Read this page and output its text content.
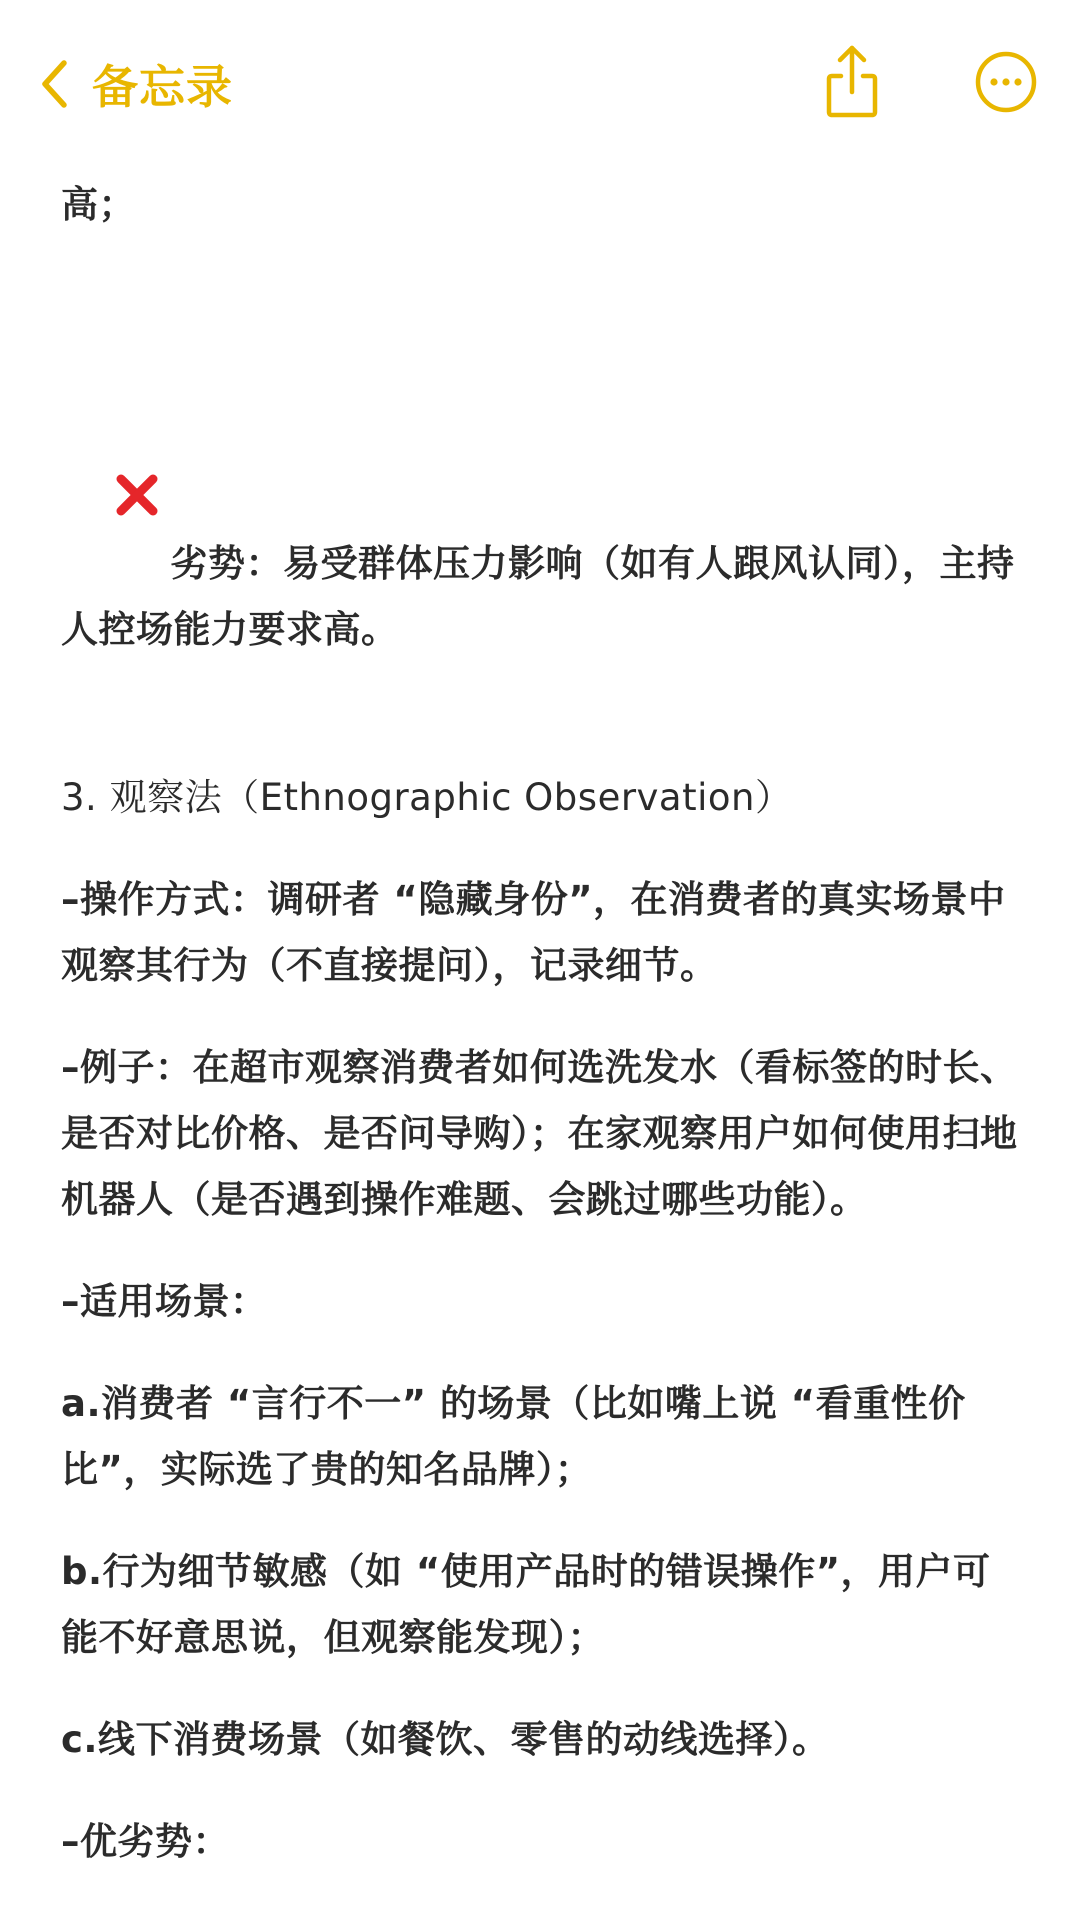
备忘录

高；

劣势：易受群体压力影响（如有人跟风认同），主持人控场能力要求高。

3. 观察法（Ethnographic Observation）

–操作方式：调研者 “隐藏身份”，在消费者的真实场景中观察其行为（不直接提问），记录细节。

–例子：在超市观察消费者如何选洗发水（看标签的时长、是否对比价格、是否问导购）；在家观察用户如何使用扫地机器人（是否遇到操作难题、会跳过哪些功能）。

–适用场景：

a.消费者 “言行不一” 的场景（比如嘴上说 “看重性价比”，实际选了贵的知名品牌）；

b.行为细节敏感（如 “使用产品时的错误操作”，用户可能不好意思说，但观察能发现）；

c.线下消费场景（如餐饮、零售的动线选择）。

–优劣势：
